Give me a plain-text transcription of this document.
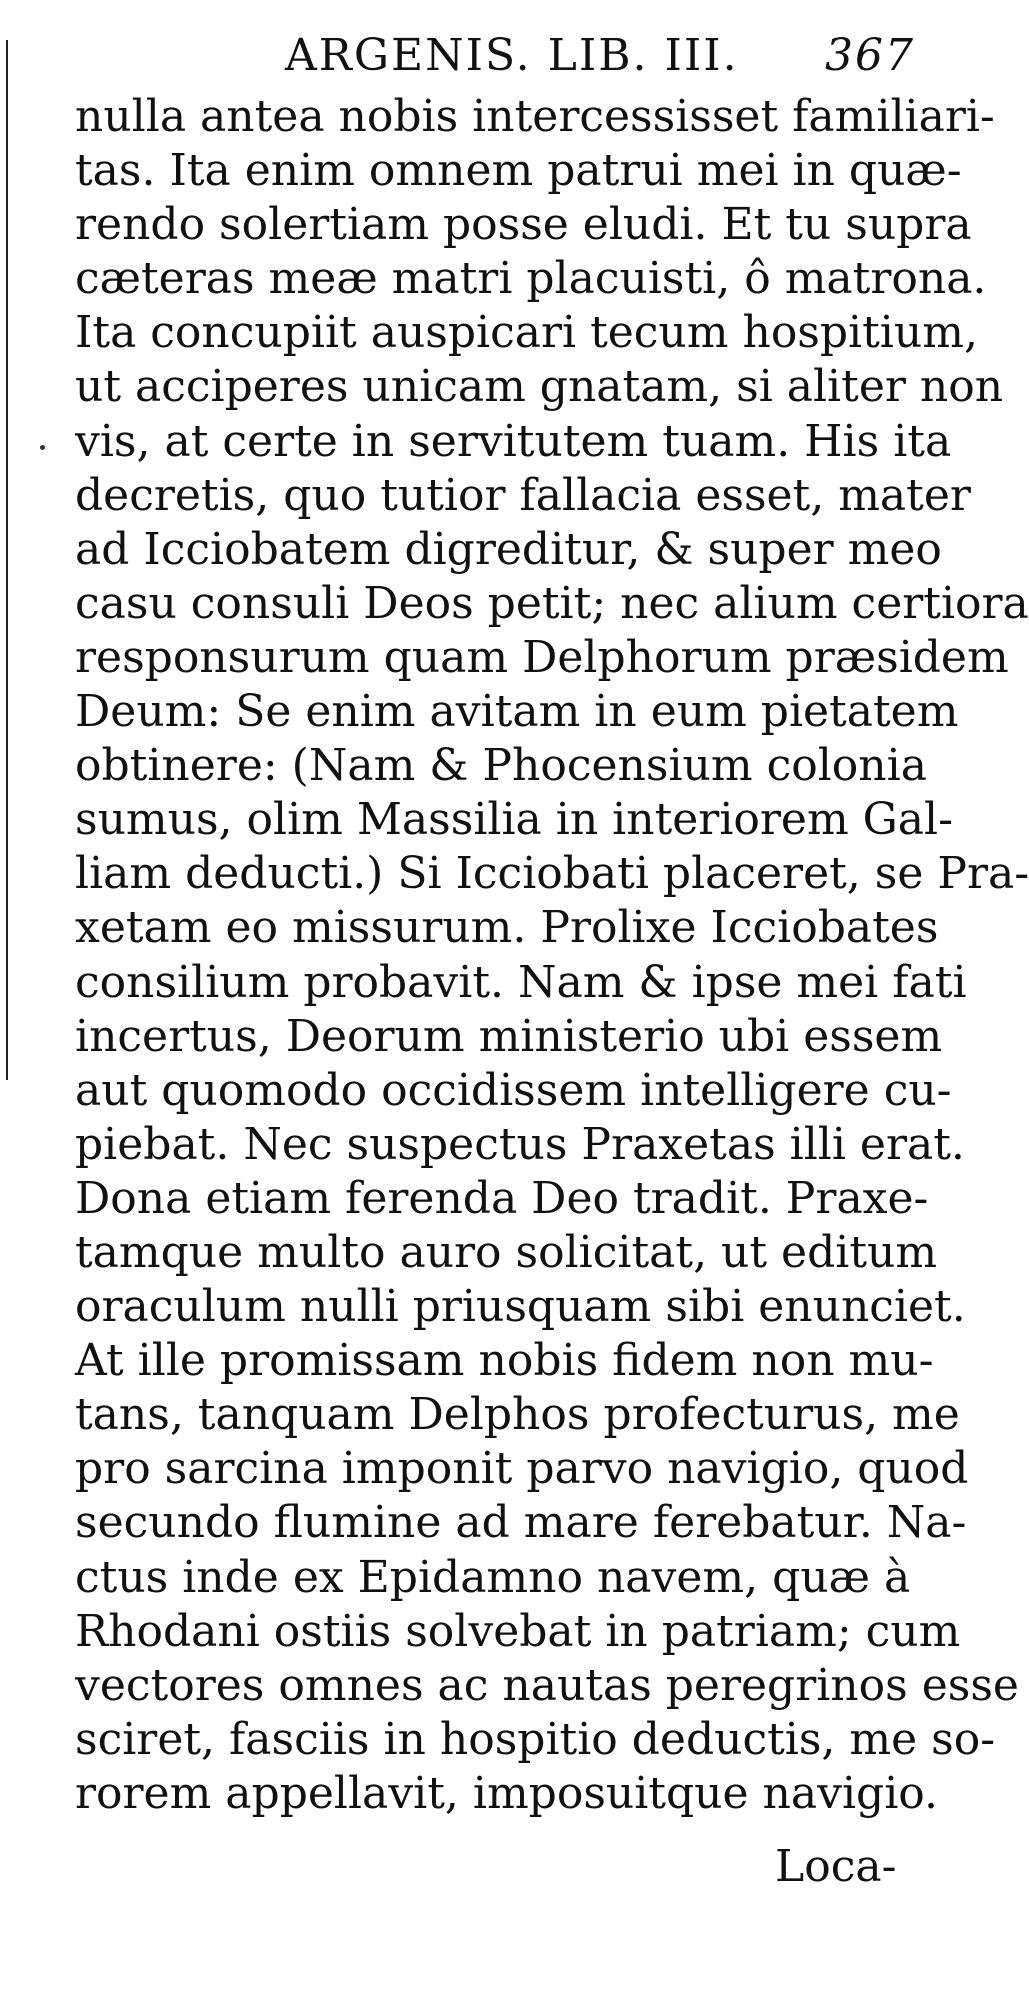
ARGENIS. LIB. III. 367
nulla antea nobis intercessisset familiari-
tas. Ita enim omnem patrui mei in quæ-
rendo solertiam posse eludi. Et tu supra
cæteras meæ matri placuisti, ô matrona.
Ita concupiit auspicari tecum hospitium,
ut acciperes unicam gnatam, si aliter non
vis, at certe in servitutem tuam. His ita
decretis, quo tutior fallacia esset, mater
ad Icciobatem digreditur, & super meo
casu consuli Deos petit; nec alium certiora
responsurum quam Delphorum præsidem
Deum: Se enim avitam in eum pietatem
obtinere: (Nam & Phocensium colonia
sumus, olim Massilia in interiorem Gal-
liam deducti.) Si Icciobati placeret, se Pra-
xetam eo missurum. Prolixe Icciobates
consilium probavit. Nam & ipse mei fati
incertus, Deorum ministerio ubi essem
aut quomodo occidissem intelligere cu-
piebat. Nec suspectus Praxetas illi erat.
Dona etiam ferenda Deo tradit. Praxe-
tamque multo auro solicitat, ut editum
oraculum nulli priusquam sibi enunciet.
At ille promissam nobis fidem non mu-
tans, tanquam Delphos profecturus, me
pro sarcina imponit parvo navigio, quod
secundo flumine ad mare ferebatur. Na-
ctus inde ex Epidamno navem, quæ à
Rhodani ostiis solvebat in patriam; cum
vectores omnes ac nautas peregrinos esse
sciret, fasciis in hospitio deductis, me so-
rorem appellavit, imposuitque navigio.
Loca-
